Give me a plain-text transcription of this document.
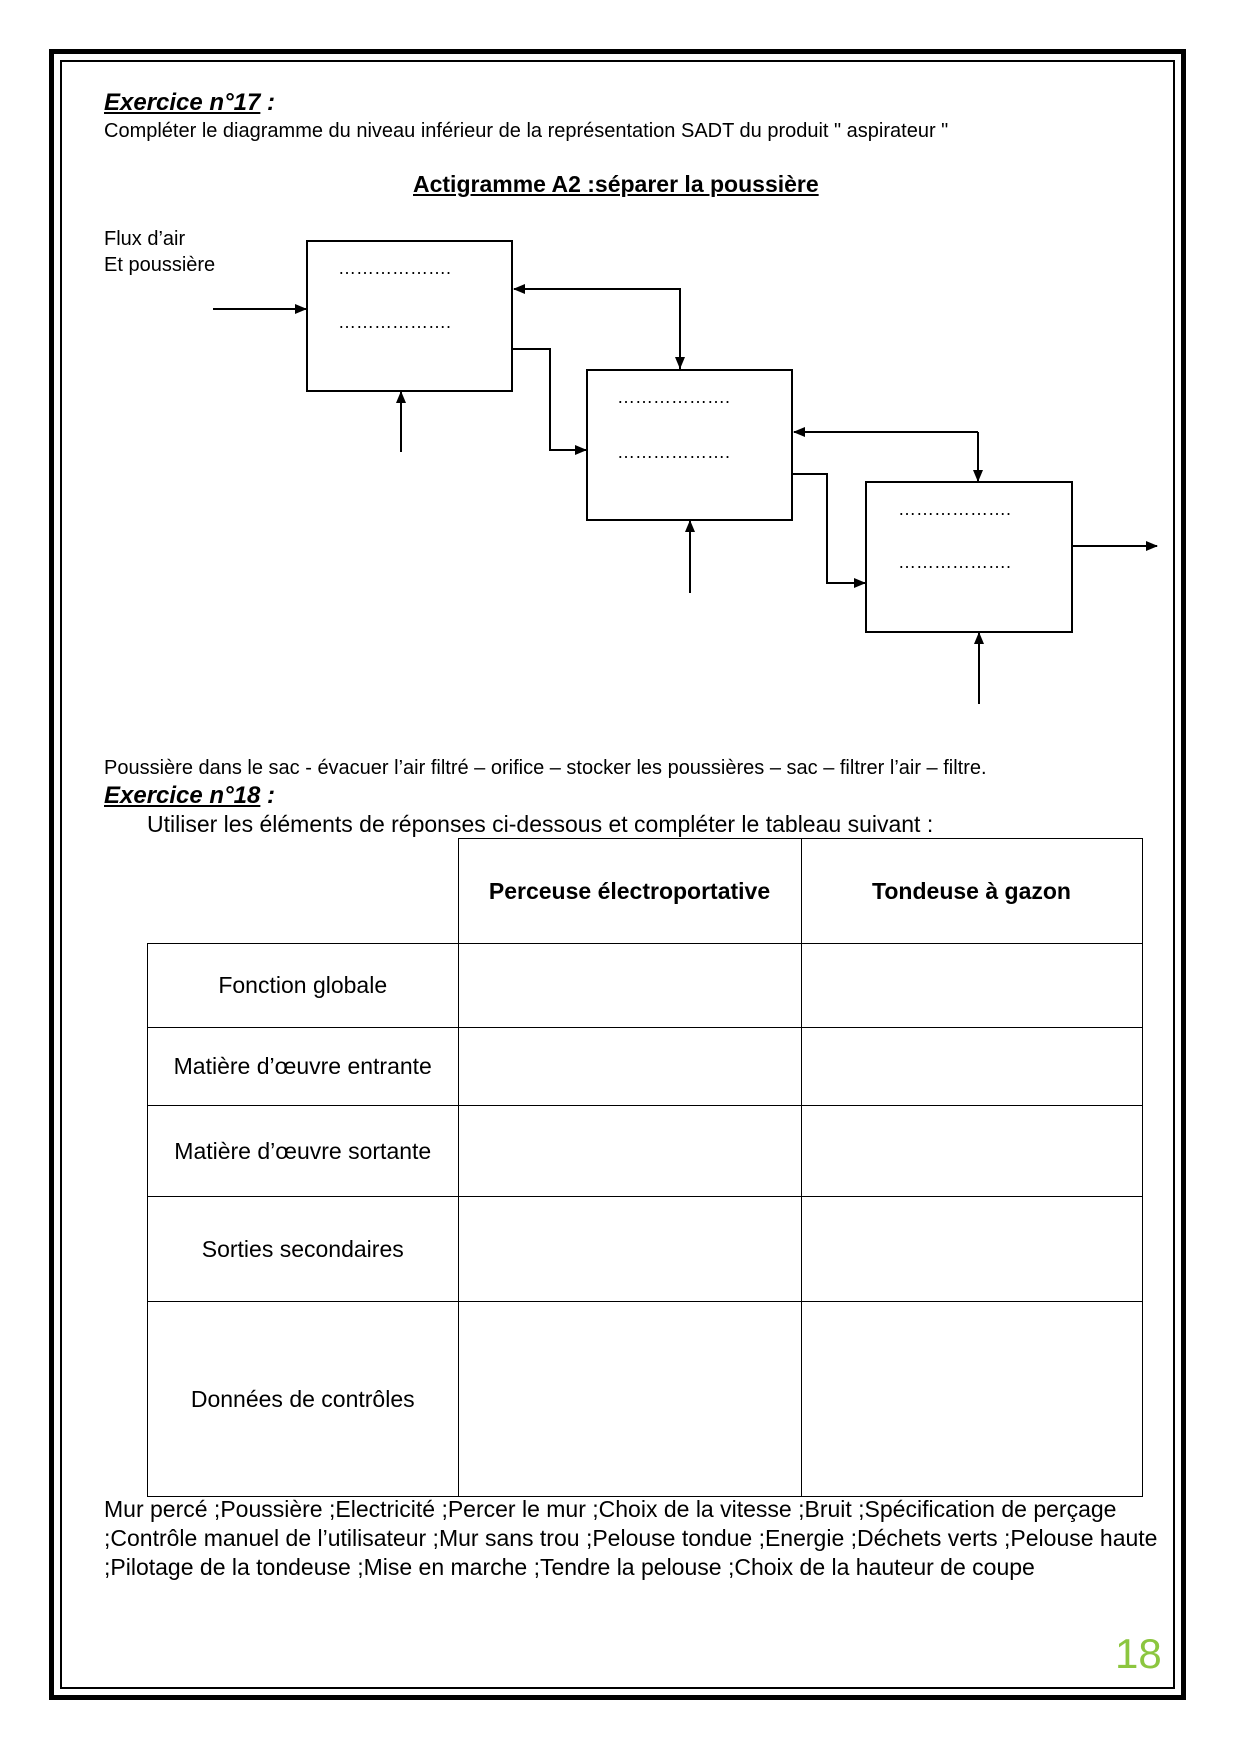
Exercice n°17 :
Compléter le diagramme du niveau inférieur de la représentation SADT du produit " aspirateur "
Actigramme A2 :séparer la poussière
Flux d’air
Et poussière	……………….
……………….
……………….
……………….
……………….
……………….
Poussière dans le sac - évacuer l’air filtré – orifice – stocker les poussières – sac – filtrer l’air – filtre.
Exercice n°18 :
Utiliser les éléments de réponses ci-dessous et compléter le tableau suivant :
	Perceuse électroportative	Tondeuse à gazon
Fonction globale		
Matière d’œuvre entrante		
Matière d’œuvre sortante		
Sorties secondaires		
Données de contrôles		
Mur percé ;Poussière ;Electricité ;Percer le mur ;Choix de la vitesse ;Bruit ;Spécification de perçage ;Contrôle manuel de l’utilisateur ;Mur sans trou ;Pelouse tondue ;Energie ;Déchets verts ;Pelouse haute ;Pilotage de la tondeuse ;Mise en marche ;Tendre la pelouse ;Choix de la hauteur de coupe
18
